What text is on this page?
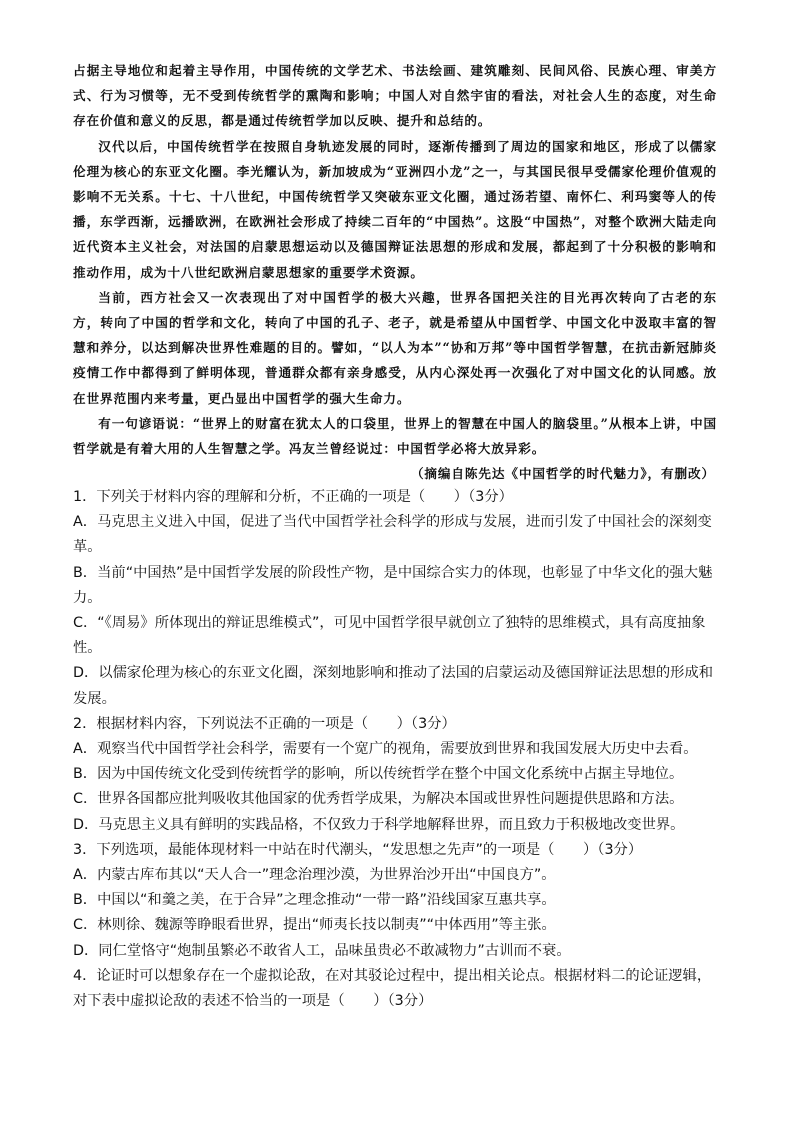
占据主导地位和起着主导作用，中国传统的文学艺术、书法绘画、建筑雕刻、民间风俗、民族心理、审美方式、行为习惯等，无不受到传统哲学的熏陶和影响；中国人对自然宇宙的看法，对社会人生的态度，对生命存在价值和意义的反思，都是通过传统哲学加以反映、提升和总结的。

汉代以后，中国传统哲学在按照自身轨迹发展的同时，逐渐传播到了周边的国家和地区，形成了以儒家伦理为核心的东亚文化圈。李光耀认为，新加坡成为“亚洲四小龙”之一，与其国民很早受儒家伦理价值观的影响不无关系。十七、十八世纪，中国传统哲学又突破东亚文化圈，通过汤若望、南怀仁、利玛窦等人的传播，东学西渐，远播欧洲，在欧洲社会形成了持续二百年的“中国热”。这股“中国热”，对整个欧洲大陆走向近代资本主义社会，对法国的启蒙思想运动以及德国辩证法思想的形成和发展，都起到了十分积极的影响和推动作用，成为十八世纪欧洲启蒙思想家的重要学术资源。

当前，西方社会又一次表现出了对中国哲学的极大兴趣，世界各国把关注的目光再次转向了古老的东方，转向了中国的哲学和文化，转向了中国的孔子、老子，就是希望从中国哲学、中国文化中汲取丰富的智慧和养分，以达到解决世界性难题的目的。譬如，“以人为本”“协和万邦”等中国哲学智慧，在抗击新冠肺炎疫情工作中都得到了鲜明体现，普通群众都有亲身感受，从内心深处再一次强化了对中国文化的认同感。放在世界范围内来考量，更凸显出中国哲学的强大生命力。

有一句谚语说：“世界上的财富在犹太人的口袋里，世界上的智慧在中国人的脑袋里。”从根本上讲，中国哲学就是有着大用的人生智慧之学。冯友兰曾经说过：中国哲学必将大放异彩。

（摘编自陈先达《中国哲学的时代魅力》，有删改）

1．下列关于材料内容的理解和分析，不正确的一项是（　　）（3分）

A．马克思主义进入中国，促进了当代中国哲学社会科学的形成与发展，进而引发了中国社会的深刻变革。

B．当前“中国热”是中国哲学发展的阶段性产物，是中国综合实力的体现，也彰显了中华文化的强大魅力。

C．“《周易》所体现出的辩证思维模式”，可见中国哲学很早就创立了独特的思维模式，具有高度抽象性。

D．以儒家伦理为核心的东亚文化圈，深刻地影响和推动了法国的启蒙运动及德国辩证法思想的形成和发展。

2．根据材料内容，下列说法不正确的一项是（　　）（3分）

A．观察当代中国哲学社会科学，需要有一个宽广的视角，需要放到世界和我国发展大历史中去看。

B．因为中国传统文化受到传统哲学的影响，所以传统哲学在整个中国文化系统中占据主导地位。

C．世界各国都应批判吸收其他国家的优秀哲学成果，为解决本国或世界性问题提供思路和方法。

D．马克思主义具有鲜明的实践品格，不仅致力于科学地解释世界，而且致力于积极地改变世界。

3．下列选项，最能体现材料一中站在时代潮头，“发思想之先声”的一项是（　　）（3分）

A．内蒙古库布其以“天人合一”理念治理沙漠，为世界治沙开出“中国良方”。

B．中国以“和羹之美，在于合异”之理念推动“一带一路”沿线国家互惠共享。

C．林则徐、魏源等睁眼看世界，提出“师夷长技以制夷”“中体西用”等主张。

D．同仁堂恪守“炮制虽繁必不敢省人工，品味虽贵必不敢减物力”古训而不衰。

4．论证时可以想象存在一个虚拟论敌，在对其驳论过程中，提出相关论点。根据材料二的论证逻辑，对下表中虚拟论敌的表述不恰当的一项是（　　）（3分）
